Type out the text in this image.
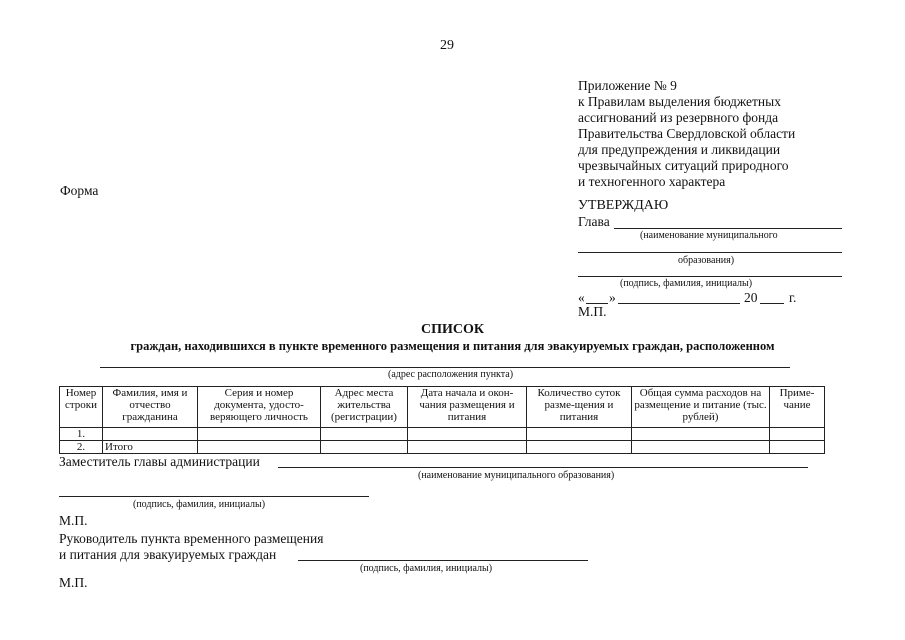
29
Приложение № 9
к Правилам выделения бюджетных
ассигнований из резервного фонда
Правительства Свердловской области
для предупреждения и ликвидации
чрезвычайных ситуаций природного
и техногенного характера
Форма
УТВЕРЖДАЮ
Глава
(наименование муниципального
образования)
(подпись, фамилия, инициалы)
« »	20 г.
М.П.
СПИСОК
граждан, находившихся в пункте временного размещения и питания для эвакуируемых граждан, расположенном
(адрес расположения пункта)
Номер строки	Фамилия, имя и отчество гражданина	Серия и номер документа, удосто-веряющего личность	Адрес места жительства (регистрации)	Дата начала и окон-чания размещения и питания	Количество суток разме-щения и питания	Общая сумма расходов на размещение и питание (тыс. рублей)	Приме-чание
1.							
2.	Итого						
Заместитель главы администрации
(наименование муниципального образования)
(подпись, фамилия, инициалы)
М.П.
Руководитель пункта временного размещения
и питания для эвакуируемых граждан
(подпись, фамилия, инициалы)
М.П.
